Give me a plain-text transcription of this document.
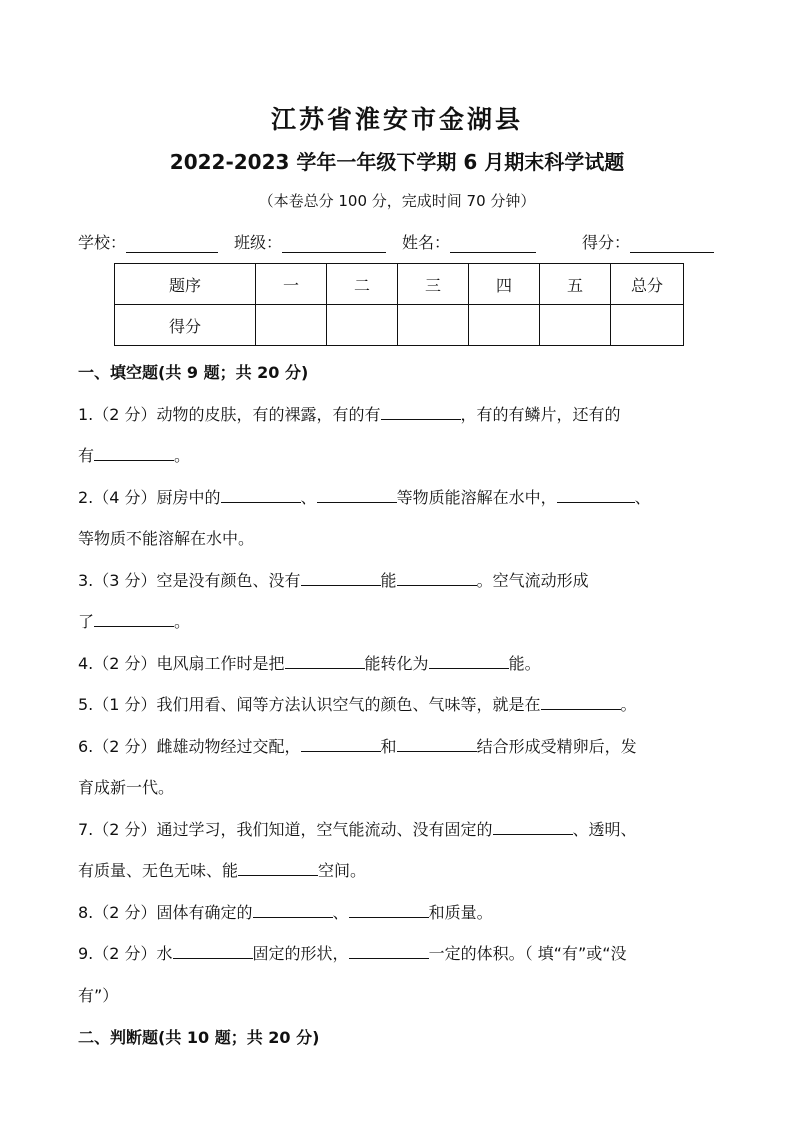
江苏省淮安市金湖县
2022-2023 学年一年级下学期 6 月期末科学试题
（本卷总分 100 分，完成时间 70 分钟）
学校：	班级：	姓名：	得分：
题序	一	二	三	四	五	总分
得分						
一、填空题(共 9 题；共 20 分)
1.（2 分）动物的皮肤，有的裸露，有的有	，有的有鳞片，还有的
有	。
2.（4 分）厨房中的	、	等物质能溶解在水中，	、
等物质不能溶解在水中。
3.（3 分）空是没有颜色、没有	能	。空气流动形成
了	。
4.（2 分）电风扇工作时是把	能转化为	能。
5.（1 分）我们用看、闻等方法认识空气的颜色、气味等，就是在	。
6.（2 分）雌雄动物经过交配，	和	结合形成受精卵后，发
育成新一代。
7.（2 分）通过学习，我们知道，空气能流动、没有固定的	、透明、
有质量、无色无味、能	空间。
8.（2 分）固体有确定的	、	和质量。
9.（2 分）水	固定的形状，	一定的体积。（ 填“有”或“没
有”）
二、判断题(共 10 题；共 20 分)
